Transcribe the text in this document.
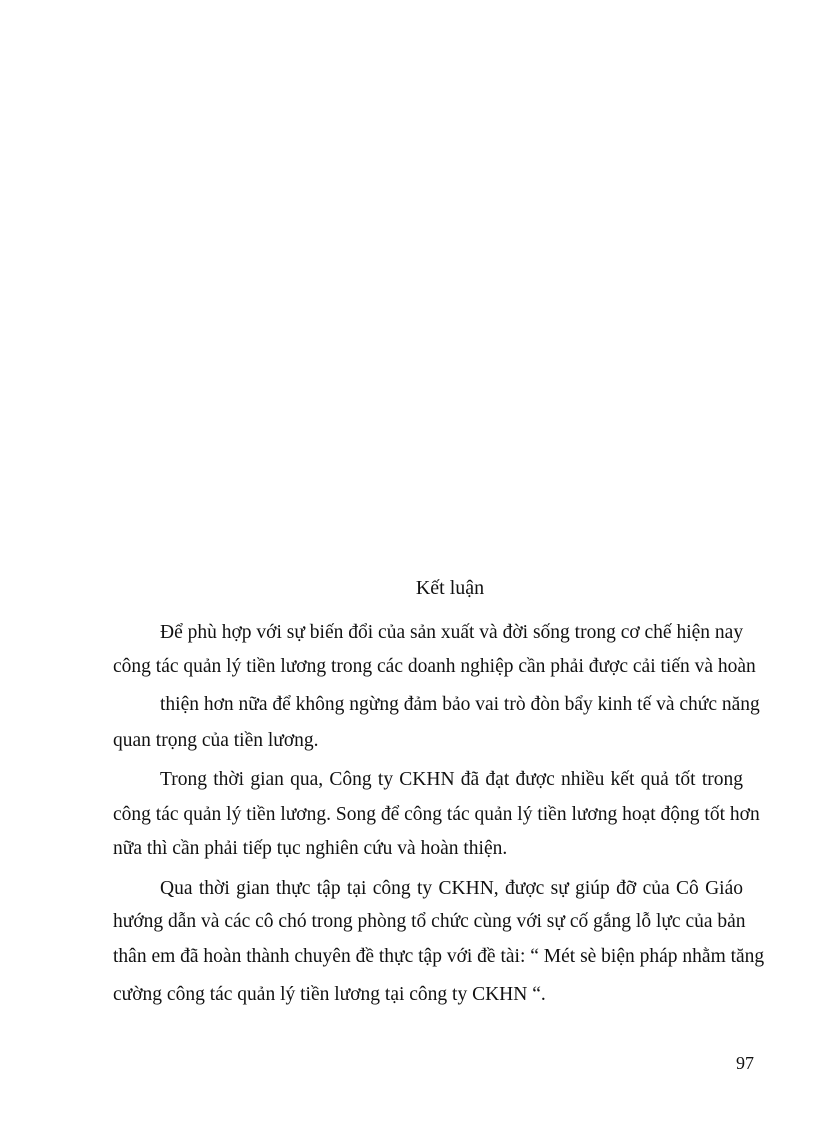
Kết luận
Để phù hợp với sự biến đổi của sản xuất và đời sống trong cơ chế hiện nay
công tác quản lý tiền lương trong các doanh nghiệp cần phải được cải tiến và hoàn
thiện hơn nữa để không ngừng đảm bảo vai trò đòn bẩy kinh tế và chức năng
quan trọng của tiền lương.
Trong thời gian qua, Công ty CKHN đã đạt được nhiều kết quả tốt trong
công tác quản lý tiền lương. Song để công tác quản lý tiền lương hoạt động tốt hơn
nữa thì cần phải tiếp tục nghiên cứu và hoàn thiện.
Qua thời gian thực tập tại công ty CKHN, được sự giúp đỡ của Cô Giáo
hướng dẫn và các cô chó trong phòng tổ chức cùng với sự cố gắng lỗ lực của bản
thân em đã hoàn thành chuyên đề thực tập với đề tài: “ Mét sè biện pháp nhằm tăng
cường công tác quản lý tiền lương tại công ty CKHN “.
97
